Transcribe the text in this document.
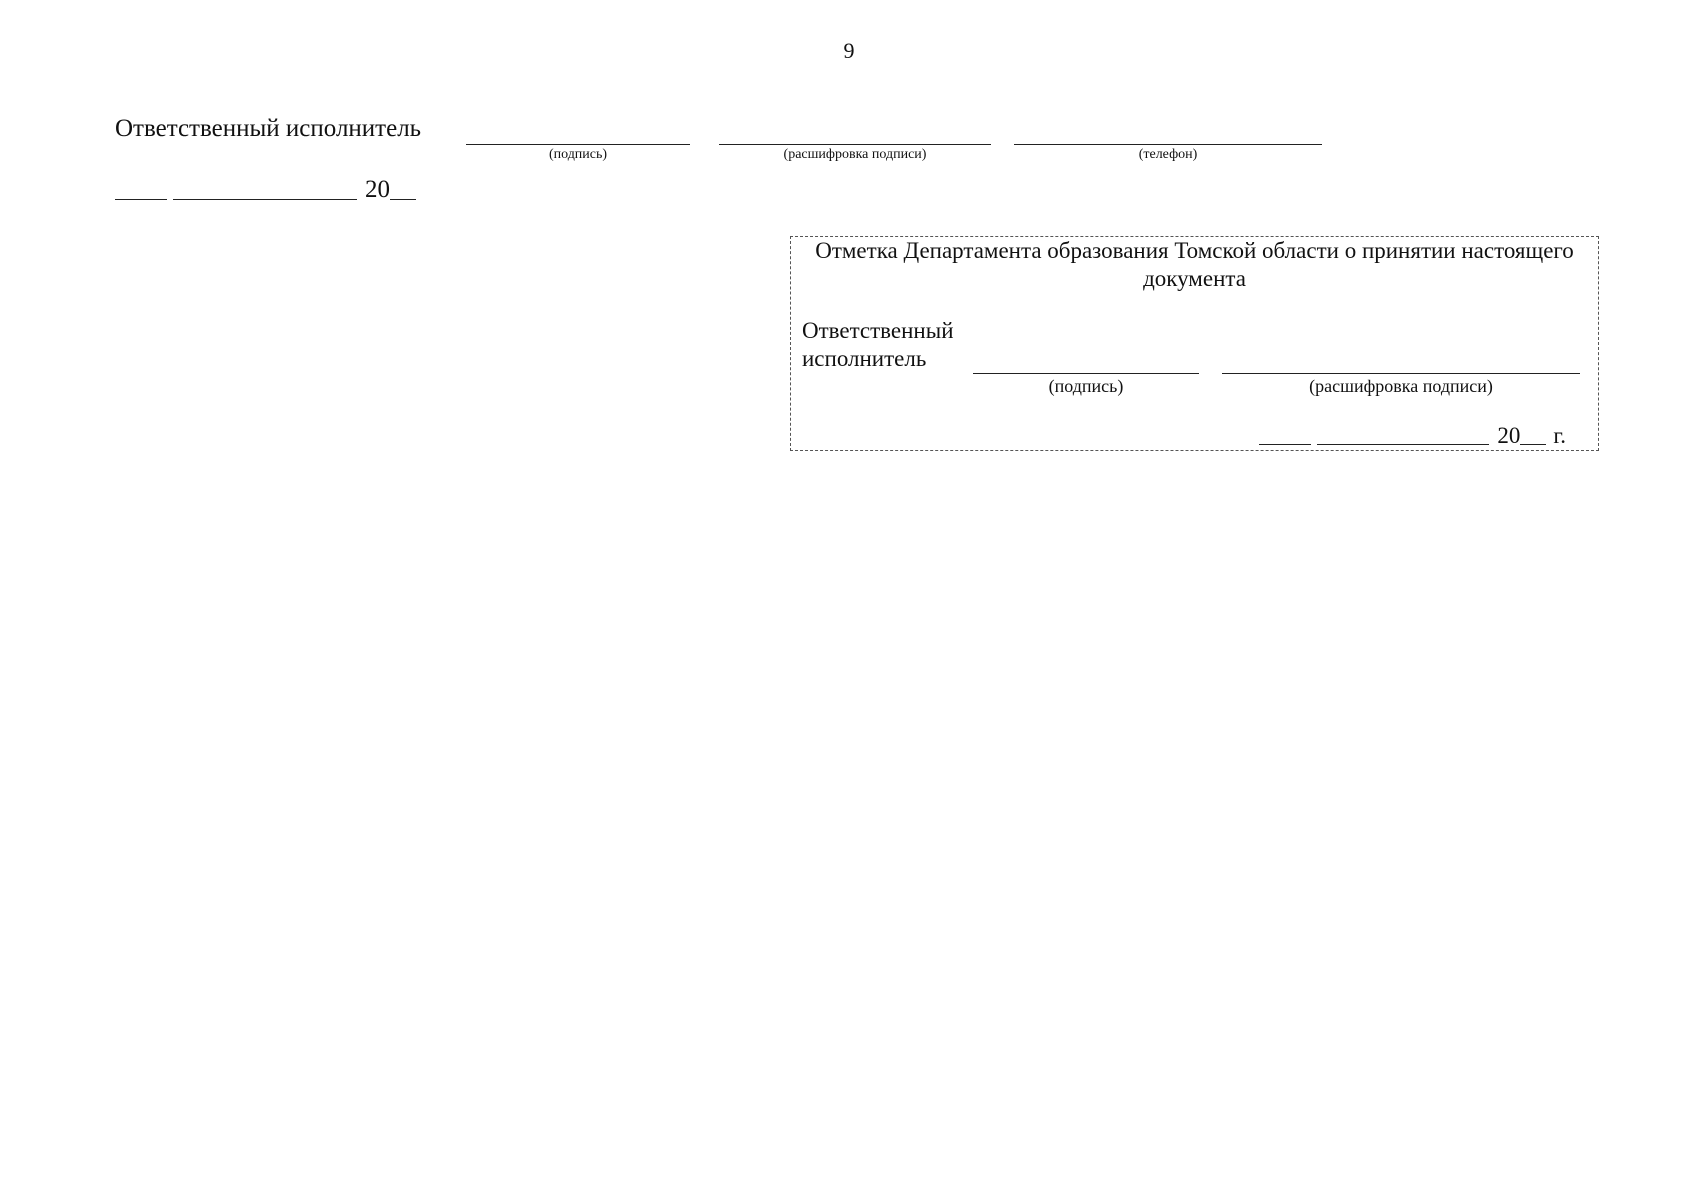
9
Ответственный исполнитель
(подпись)	(расшифровка подписи)	(телефон)
20
Отметка Департамента образования Томской области о принятии настоящего документа
Ответственный исполнитель
(подпись)	(расшифровка подписи)
20 г.
